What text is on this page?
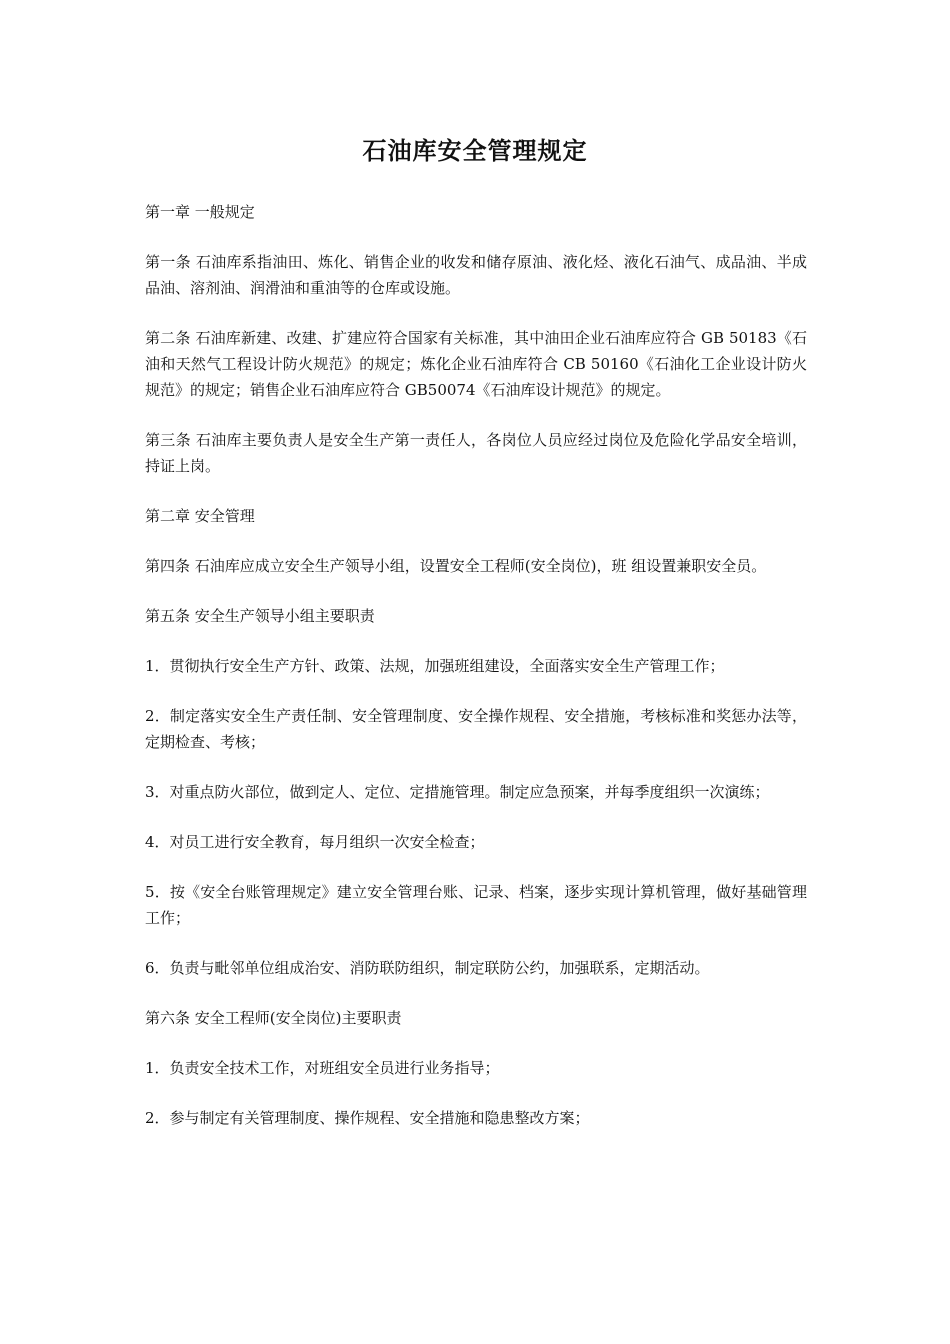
石油库安全管理规定

第一章 一般规定

第一条 石油库系指油田、炼化、销售企业的收发和储存原油、液化烃、液化石油气、成品油、半成品油、溶剂油、润滑油和重油等的仓库或设施。

第二条 石油库新建、改建、扩建应符合国家有关标准，其中油田企业石油库应符合 GB 50183《石油和天然气工程设计防火规范》的规定；炼化企业石油库符合 CB 50160《石油化工企业设计防火规范》的规定；销售企业石油库应符合 GB50074《石油库设计规范》的规定。

第三条 石油库主要负责人是安全生产第一责任人，各岗位人员应经过岗位及危险化学品安全培训，持证上岗。

第二章 安全管理

第四条 石油库应成立安全生产领导小组，设置安全工程师(安全岗位)，班 组设置兼职安全员。

第五条 安全生产领导小组主要职责

1．贯彻执行安全生产方针、政策、法规，加强班组建设，全面落实安全生产管理工作；

2．制定落实安全生产责任制、安全管理制度、安全操作规程、安全措施，考核标准和奖惩办法等，定期检查、考核；

3．对重点防火部位，做到定人、定位、定措施管理。制定应急预案，并每季度组织一次演练；

4．对员工进行安全教育，每月组织一次安全检查；

5．按《安全台账管理规定》建立安全管理台账、记录、档案，逐步实现计算机管理，做好基础管理工作；

6．负责与毗邻单位组成治安、消防联防组织，制定联防公约，加强联系，定期活动。

第六条 安全工程师(安全岗位)主要职责

1．负责安全技术工作，对班组安全员进行业务指导；

2．参与制定有关管理制度、操作规程、安全措施和隐患整改方案；
